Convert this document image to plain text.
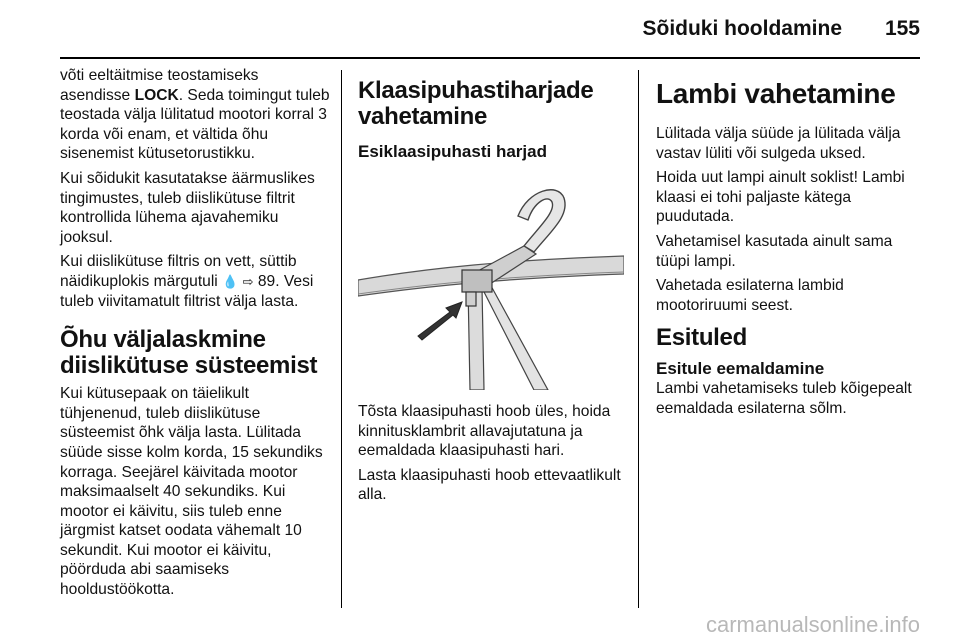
Sõiduki hooldamine 155

võti eeltäitmise teostamiseks asendisse LOCK. Seda toimingut tuleb teostada välja lülitatud mootori korral 3 korda või enam, et vältida õhu sisenemist kütusetorustikku.

Kui sõidukit kasutatakse äärmuslikes tingimustes, tuleb diislikütuse filtrit kontrollida lühema ajavahemiku jooksul.

Kui diislikütuse filtris on vett, süttib näidikuplokis märgutuli 💧 ⇨ 89. Vesi tuleb viivitamatult filtrist välja lasta.

Õhu väljalaskmine diislikütuse süsteemist

Kui kütusepaak on täielikult tühjenenud, tuleb diislikütuse süsteemist õhk välja lasta. Lülitada süüde sisse kolm korda, 15 sekundiks korraga. Seejärel käivitada mootor maksimaalselt 40 sekundiks. Kui mootor ei käivitu, siis tuleb enne järgmist katset oodata vähemalt 10 sekundit. Kui mootor ei käivitu, pöörduda abi saamiseks hooldustöökotta.

Klaasipuhastiharjade vahetamine
Esiklaasipuhasti harjad

Tõsta klaasipuhasti hoob üles, hoida kinnitusklambrit allavajutatuna ja eemaldada klaasipuhasti hari.

Lasta klaasipuhasti hoob ettevaatlikult alla.

Lambi vahetamine

Lülitada välja süüde ja lülitada välja vastav lüliti või sulgeda uksed.

Hoida uut lampi ainult soklist! Lambi klaasi ei tohi paljaste kätega puudutada.

Vahetamisel kasutada ainult sama tüüpi lampi.

Vahetada esilaterna lambid mootoriruumi seest.

Esituled
Esitule eemaldamine

Lambi vahetamiseks tuleb kõigepealt eemaldada esilaterna sõlm.

carmanualsonline.info
